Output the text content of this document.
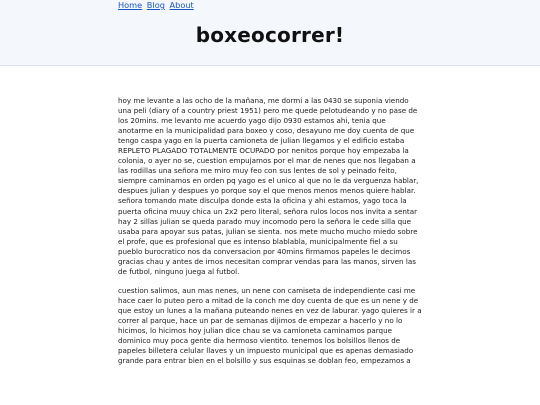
Home Blog About
boxeocorrer!

hoy me levante a las ocho de la mañana, me dormi a las 0430 se suponia viendo una peli (diary of a country priest 1951) pero me quede pelotudeando y no pase de los 20mins. me levanto me acuerdo yago dijo 0930 estamos ahi, tenia que anotarme en la municipalidad para boxeo y coso, desayuno me doy cuenta de que tengo caspa yago en la puerta camioneta de julian llegamos y el edificio estaba REPLETO PLAGADO TOTALMENTE OCUPADO por nenitos porque hoy empezaba la colonia, o ayer no se, cuestion empujamos por el mar de nenes que nos llegaban a las rodillas una señora me miro muy feo con sus lentes de sol y peinado feito, siempre caminamos en orden pq yago es el unico al que no le da verguenza hablar, despues julian y despues yo porque soy el que menos menos menos quiere hablar. señora tomando mate disculpa donde esta la oficina y ahi estamos, yago toca la puerta oficina muuy chica un 2x2 pero literal, señora rulos locos nos invita a sentar hay 2 sillas julian se queda parado muy incomodo pero la señora le cede silla que usaba para apoyar sus patas, julian se sienta. nos mete mucho mucho miedo sobre el profe, que es profesional que es intenso blablabla, municipalmente fiel a su pueblo burocratico nos da conversacion por 40mins firmamos papeles le decimos gracias chau y antes de irnos necesitan comprar vendas para las manos, sirven las de futbol, ninguno juega al futbol.

cuestion salimos, aun mas nenes, un nene con camiseta de independiente casi me hace caer lo puteo pero a mitad de la conch me doy cuenta de que es un nene y de que estoy un lunes a la mañana puteando nenes en vez de laburar. yago quieres ir a correr al parque, hace un par de semanas dijimos de empezar a hacerlo y no lo hicimos, lo hicimos hoy julian dice chau se va camioneta caminamos parque dominico muy poca gente dia hermoso vientito. tenemos los bolsillos llenos de papeles billetera celular llaves y un impuesto municipal que es apenas demasiado grande para entrar bien en el bolsillo y sus esquinas se doblan feo, empezamos a
